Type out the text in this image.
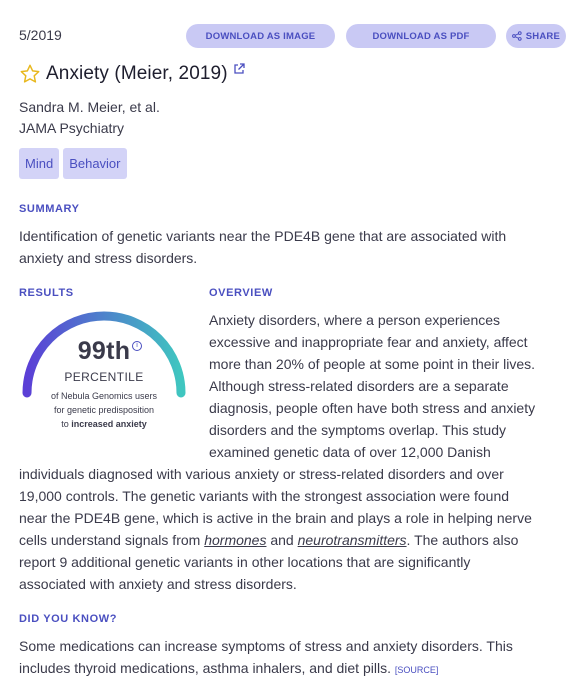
5/2019	DOWNLOAD AS IMAGE	DOWNLOAD AS PDF	SHARE
Anxiety (Meier, 2019)
Sandra M. Meier, et al.
JAMA Psychiatry
Mind	Behavior
SUMMARY
Identification of genetic variants near the PDE4B gene that are associated with
anxiety and stress disorders.
RESULTS	OVERVIEW
99th i
PERCENTILE
of Nebula Genomics users
for genetic predisposition
to increased anxiety
Anxiety disorders, where a person experiences
excessive and inappropriate fear and anxiety, affect
more than 20% of people at some point in their lives.
Although stress-related disorders are a separate
diagnosis, people often have both stress and anxiety
disorders and the symptoms overlap. This study
examined genetic data of over 12,000 Danish
individuals diagnosed with various anxiety or stress-related disorders and over
19,000 controls. The genetic variants with the strongest association were found
near the PDE4B gene, which is active in the brain and plays a role in helping nerve
cells understand signals from hormones and neurotransmitters. The authors also
report 9 additional genetic variants in other locations that are significantly
associated with anxiety and stress disorders.
DID YOU KNOW?
Some medications can increase symptoms of stress and anxiety disorders. This
includes thyroid medications, asthma inhalers, and diet pills. [SOURCE]
